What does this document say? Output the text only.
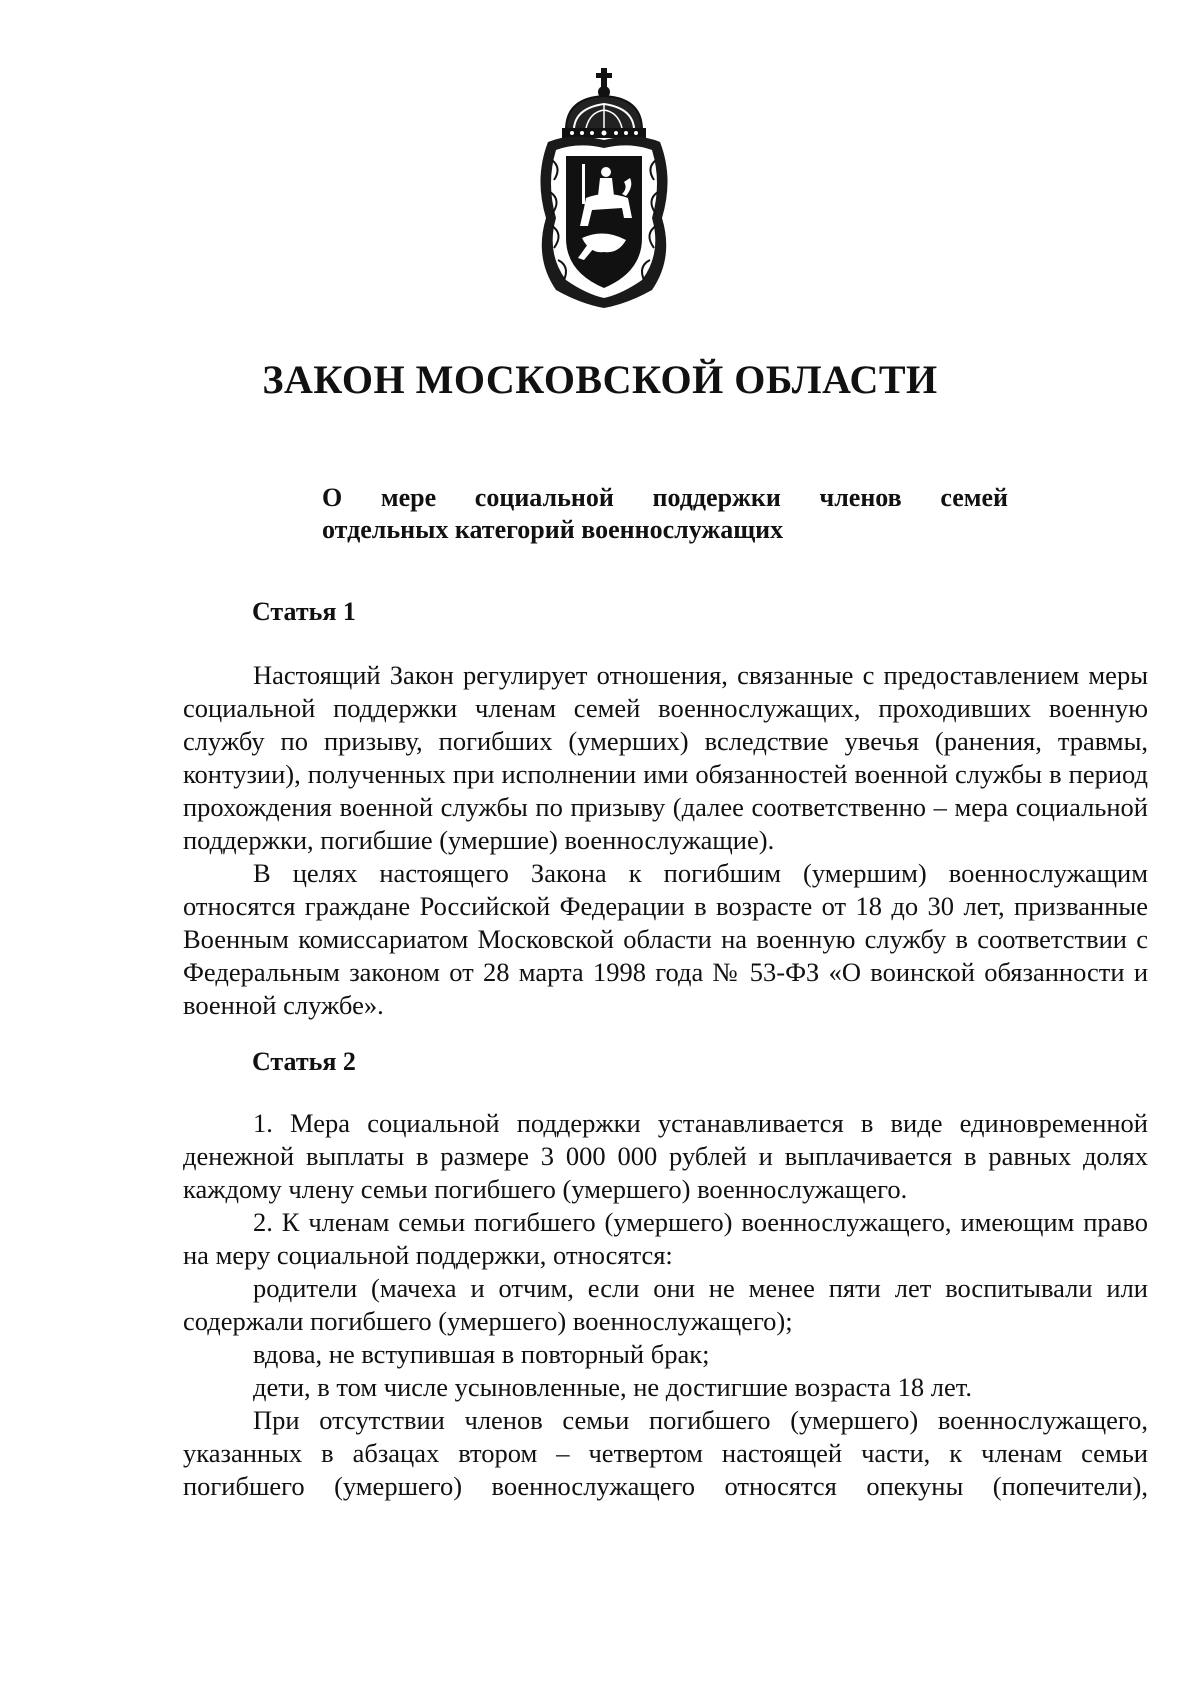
ЗАКОН МОСКОВСКОЙ ОБЛАСТИ
О мере социальной поддержки членов семей
отдельных категорий военнослужащих
Статья 1

Настоящий Закон регулирует отношения, связанные с предоставлением меры социальной поддержки членам семей военнослужащих, проходивших военную службу по призыву, погибших (умерших) вследствие увечья (ранения, травмы, контузии), полученных при исполнении ими обязанностей военной службы в период прохождения военной службы по призыву (далее соответственно – мера социальной поддержки, погибшие (умершие) военнослужащие).

В целях настоящего Закона к погибшим (умершим) военнослужащим относятся граждане Российской Федерации в возрасте от 18 до 30 лет, призванные Военным комиссариатом Московской области на военную службу в соответствии с Федеральным законом от 28 марта 1998 года № 53-ФЗ «О воинской обязанности и военной службе».

Статья 2

1. Мера социальной поддержки устанавливается в виде единовременной денежной выплаты в размере 3 000 000 рублей и выплачивается в равных долях каждому члену семьи погибшего (умершего) военнослужащего.

2. К членам семьи погибшего (умершего) военнослужащего, имеющим право на меру социальной поддержки, относятся:

родители (мачеха и отчим, если они не менее пяти лет воспитывали или содержали погибшего (умершего) военнослужащего);

вдова, не вступившая в повторный брак;

дети, в том числе усыновленные, не достигшие возраста 18 лет.

При отсутствии членов семьи погибшего (умершего) военнослужащего, указанных в абзацах втором – четвертом настоящей части, к членам семьи погибшего (умершего) военнослужащего относятся опекуны (попечители),
